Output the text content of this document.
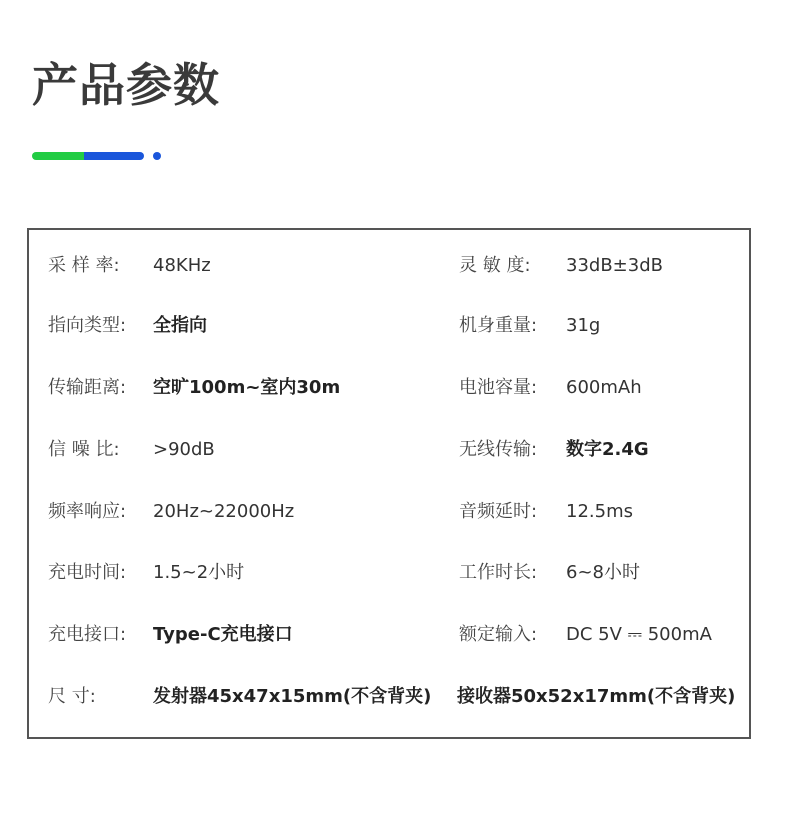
产品参数
采 样 率: 48KHz	灵 敏 度: 33dB±3dB
指向类型: 全指向	机身重量: 31g
传输距离: 空旷100m~室内30m	电池容量: 600mAh
信 噪 比: >90dB	无线传输: 数字2.4G
频率响应: 20Hz~22000Hz	音频延时: 12.5ms
充电时间: 1.5~2小时	工作时长: 6~8小时
充电接口: Type-C充电接口	额定输入: DC 5V ⎓ 500mA
尺 寸:	发射器45x47x15mm(不含背夹) 接收器50x52x17mm(不含背夹)
